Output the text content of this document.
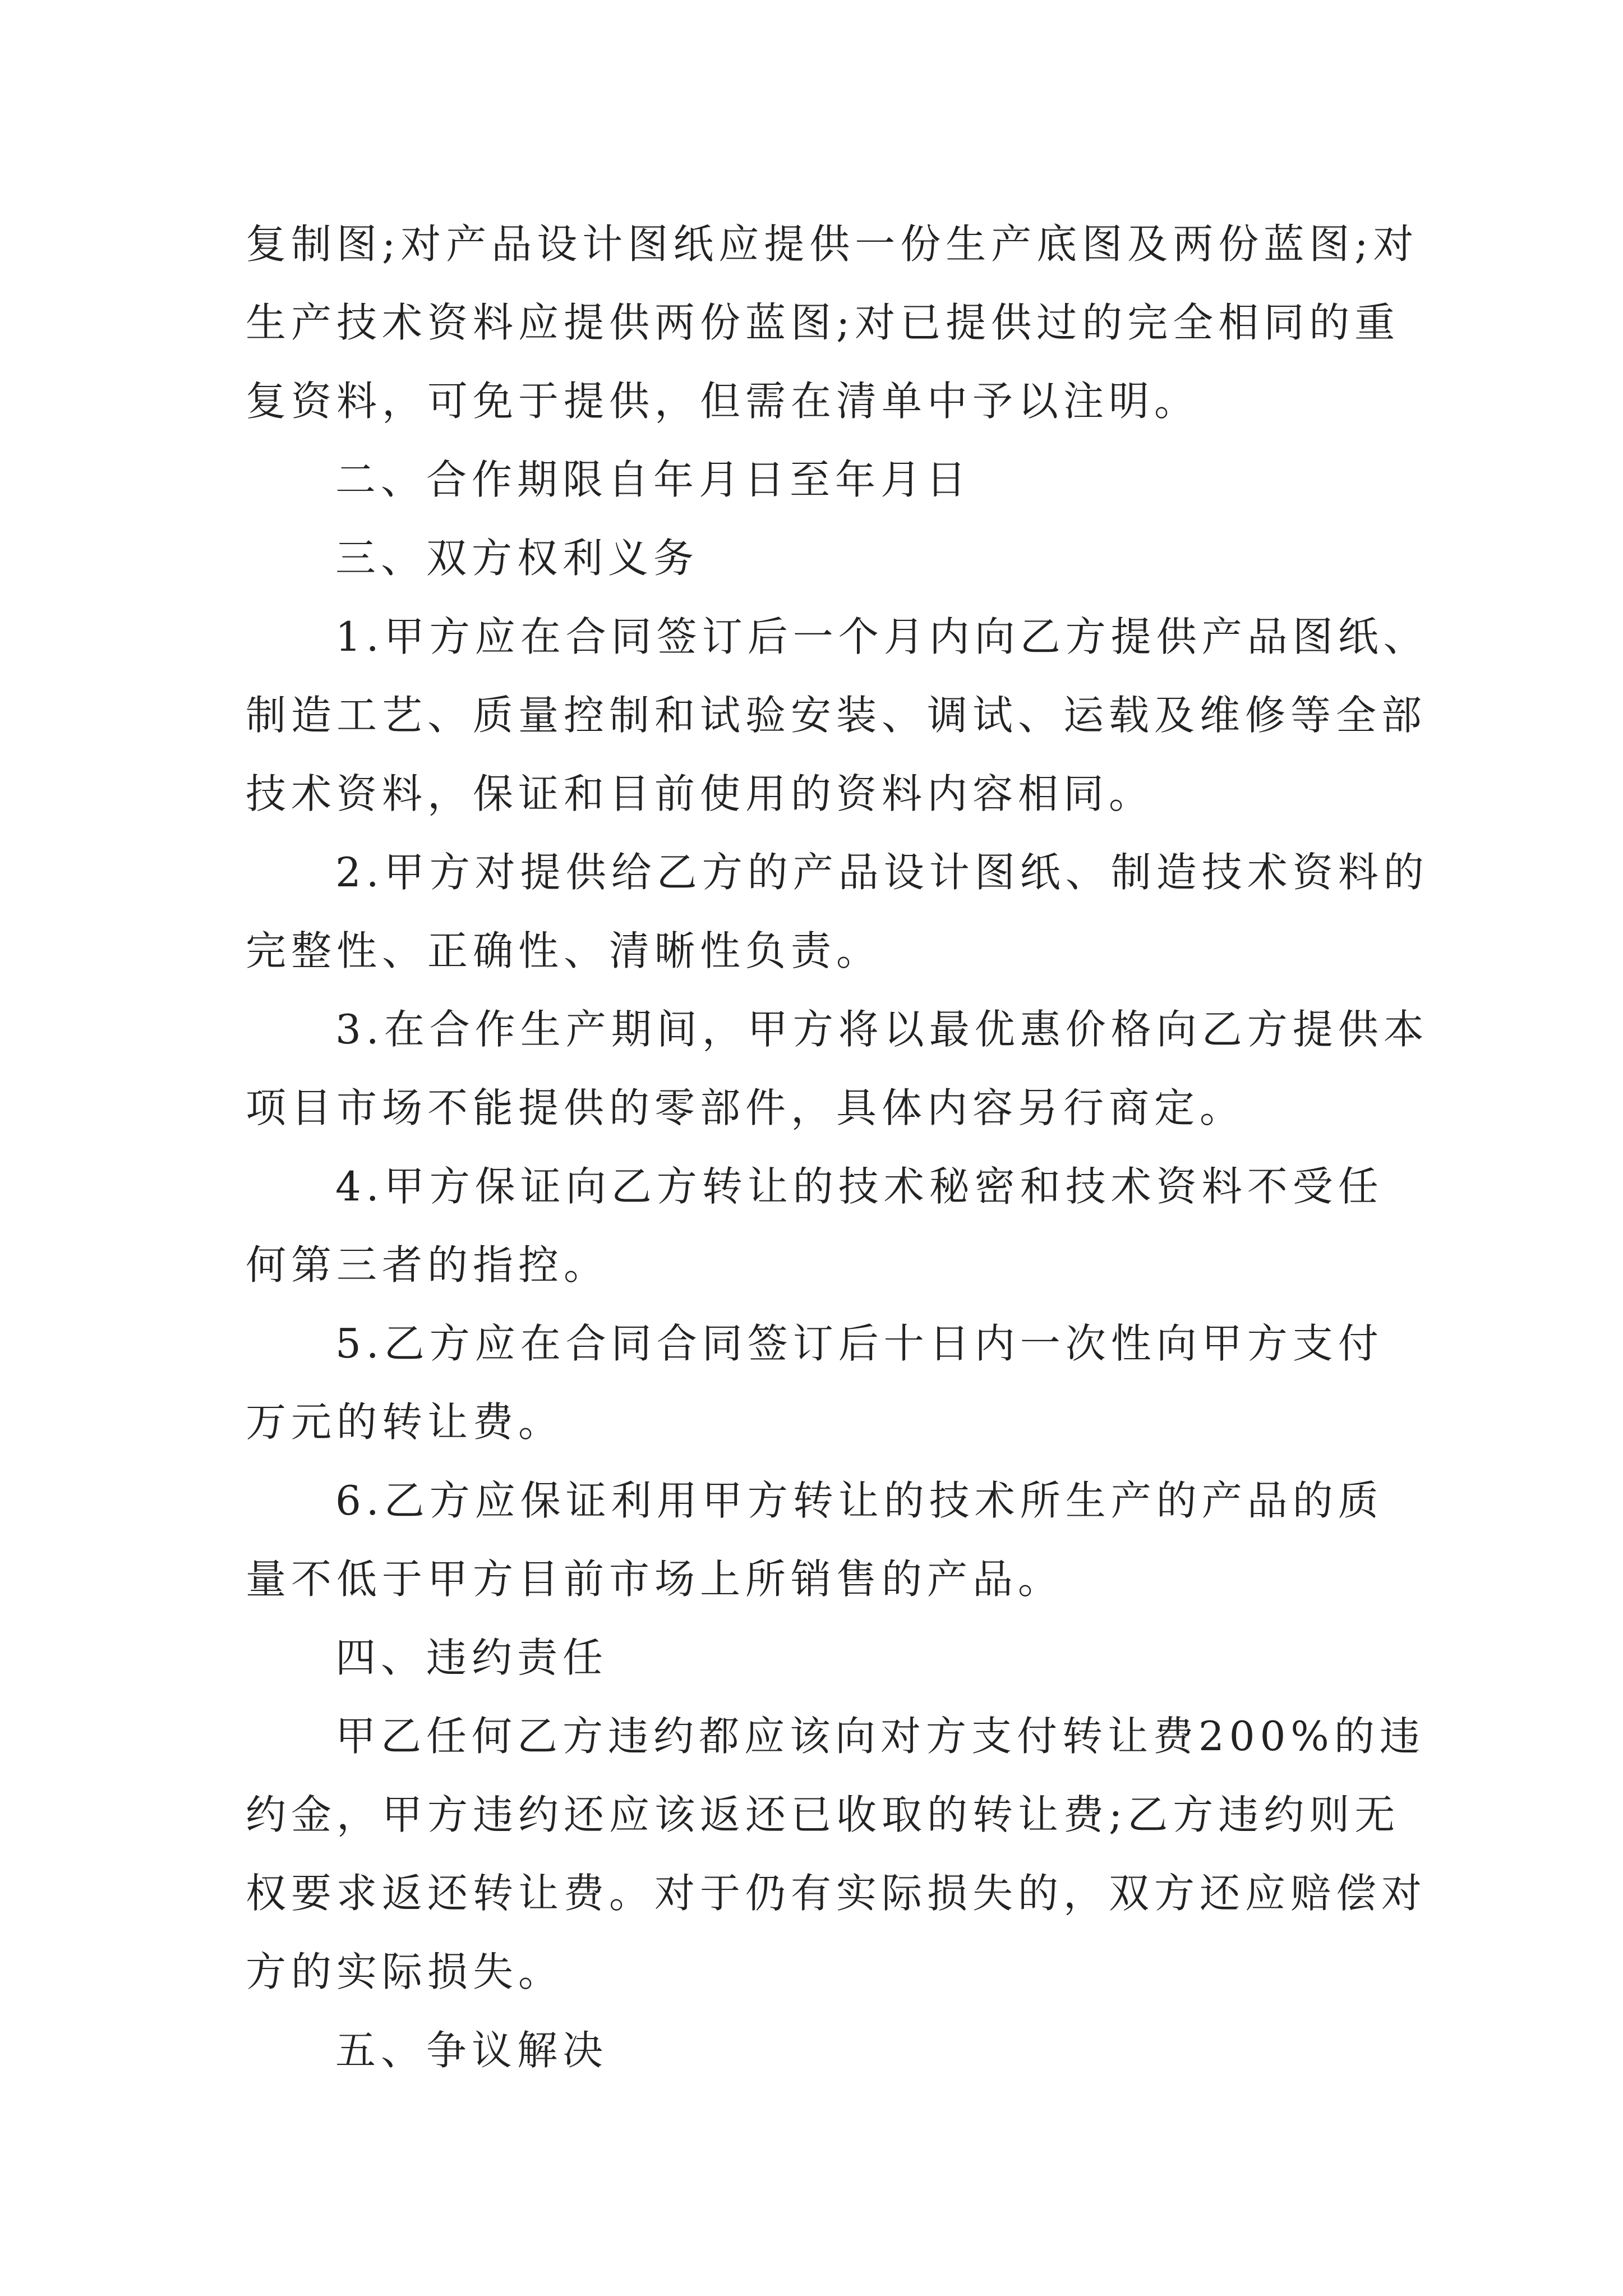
复制图;对产品设计图纸应提供一份生产底图及两份蓝图;对
生产技术资料应提供两份蓝图;对已提供过的完全相同的重
复资料，可免于提供，但需在清单中予以注明。
二、合作期限自年月日至年月日
三、双方权利义务
1.甲方应在合同签订后一个月内向乙方提供产品图纸、
制造工艺、质量控制和试验安装、调试、运载及维修等全部
技术资料，保证和目前使用的资料内容相同。
2.甲方对提供给乙方的产品设计图纸、制造技术资料的
完整性、正确性、清晰性负责。
3.在合作生产期间，甲方将以最优惠价格向乙方提供本
项目市场不能提供的零部件，具体内容另行商定。
4.甲方保证向乙方转让的技术秘密和技术资料不受任
何第三者的指控。
5.乙方应在合同合同签订后十日内一次性向甲方支付
万元的转让费。
6.乙方应保证利用甲方转让的技术所生产的产品的质
量不低于甲方目前市场上所销售的产品。
四、违约责任
甲乙任何乙方违约都应该向对方支付转让费200%的违
约金，甲方违约还应该返还已收取的转让费;乙方违约则无
权要求返还转让费。对于仍有实际损失的，双方还应赔偿对
方的实际损失。
五、争议解决
